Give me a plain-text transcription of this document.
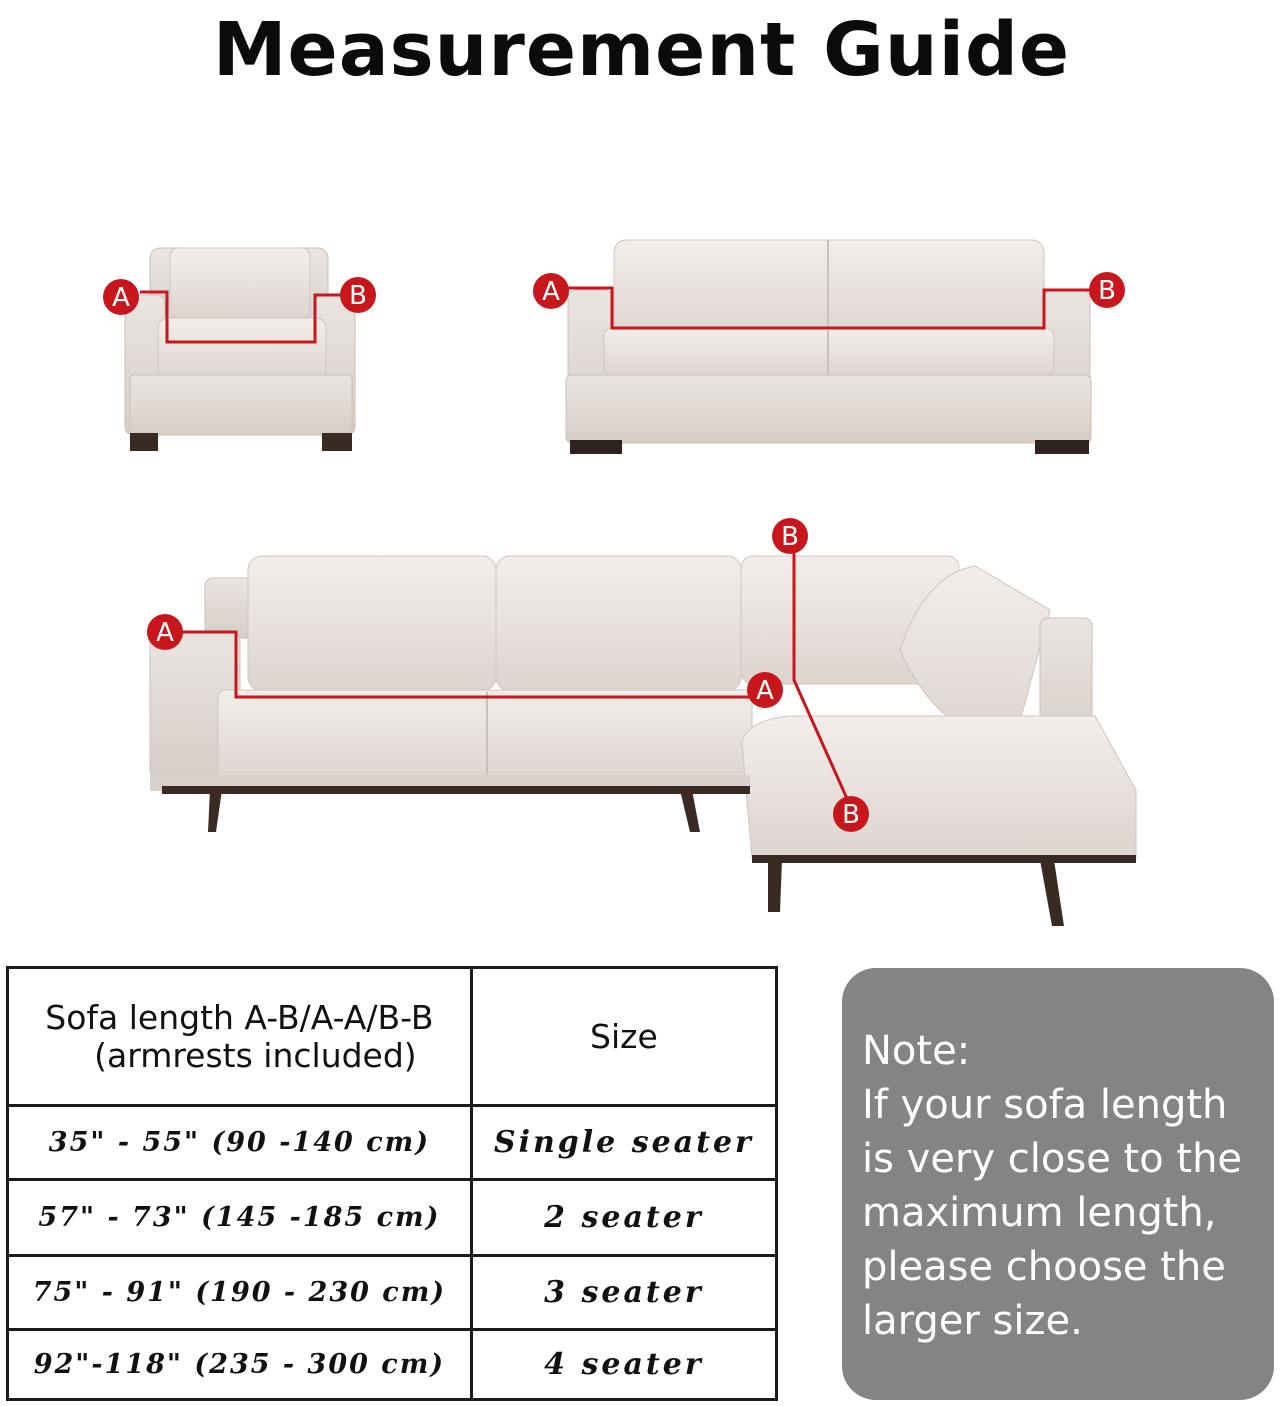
Measurement Guide
A	B	A	B
A
A
B
B
Sofa length A-B/A-A/B-B
(armrests included)	Size
35" - 55" (90 -140 cm)	Single seater
57" - 73" (145 -185 cm)	2 seater
75" - 91" (190 - 230 cm)	3 seater
92"-118" (235 - 300 cm)	4 seater
Note:
If your sofa length
is very close to the
maximum length,
please choose the
larger size.
